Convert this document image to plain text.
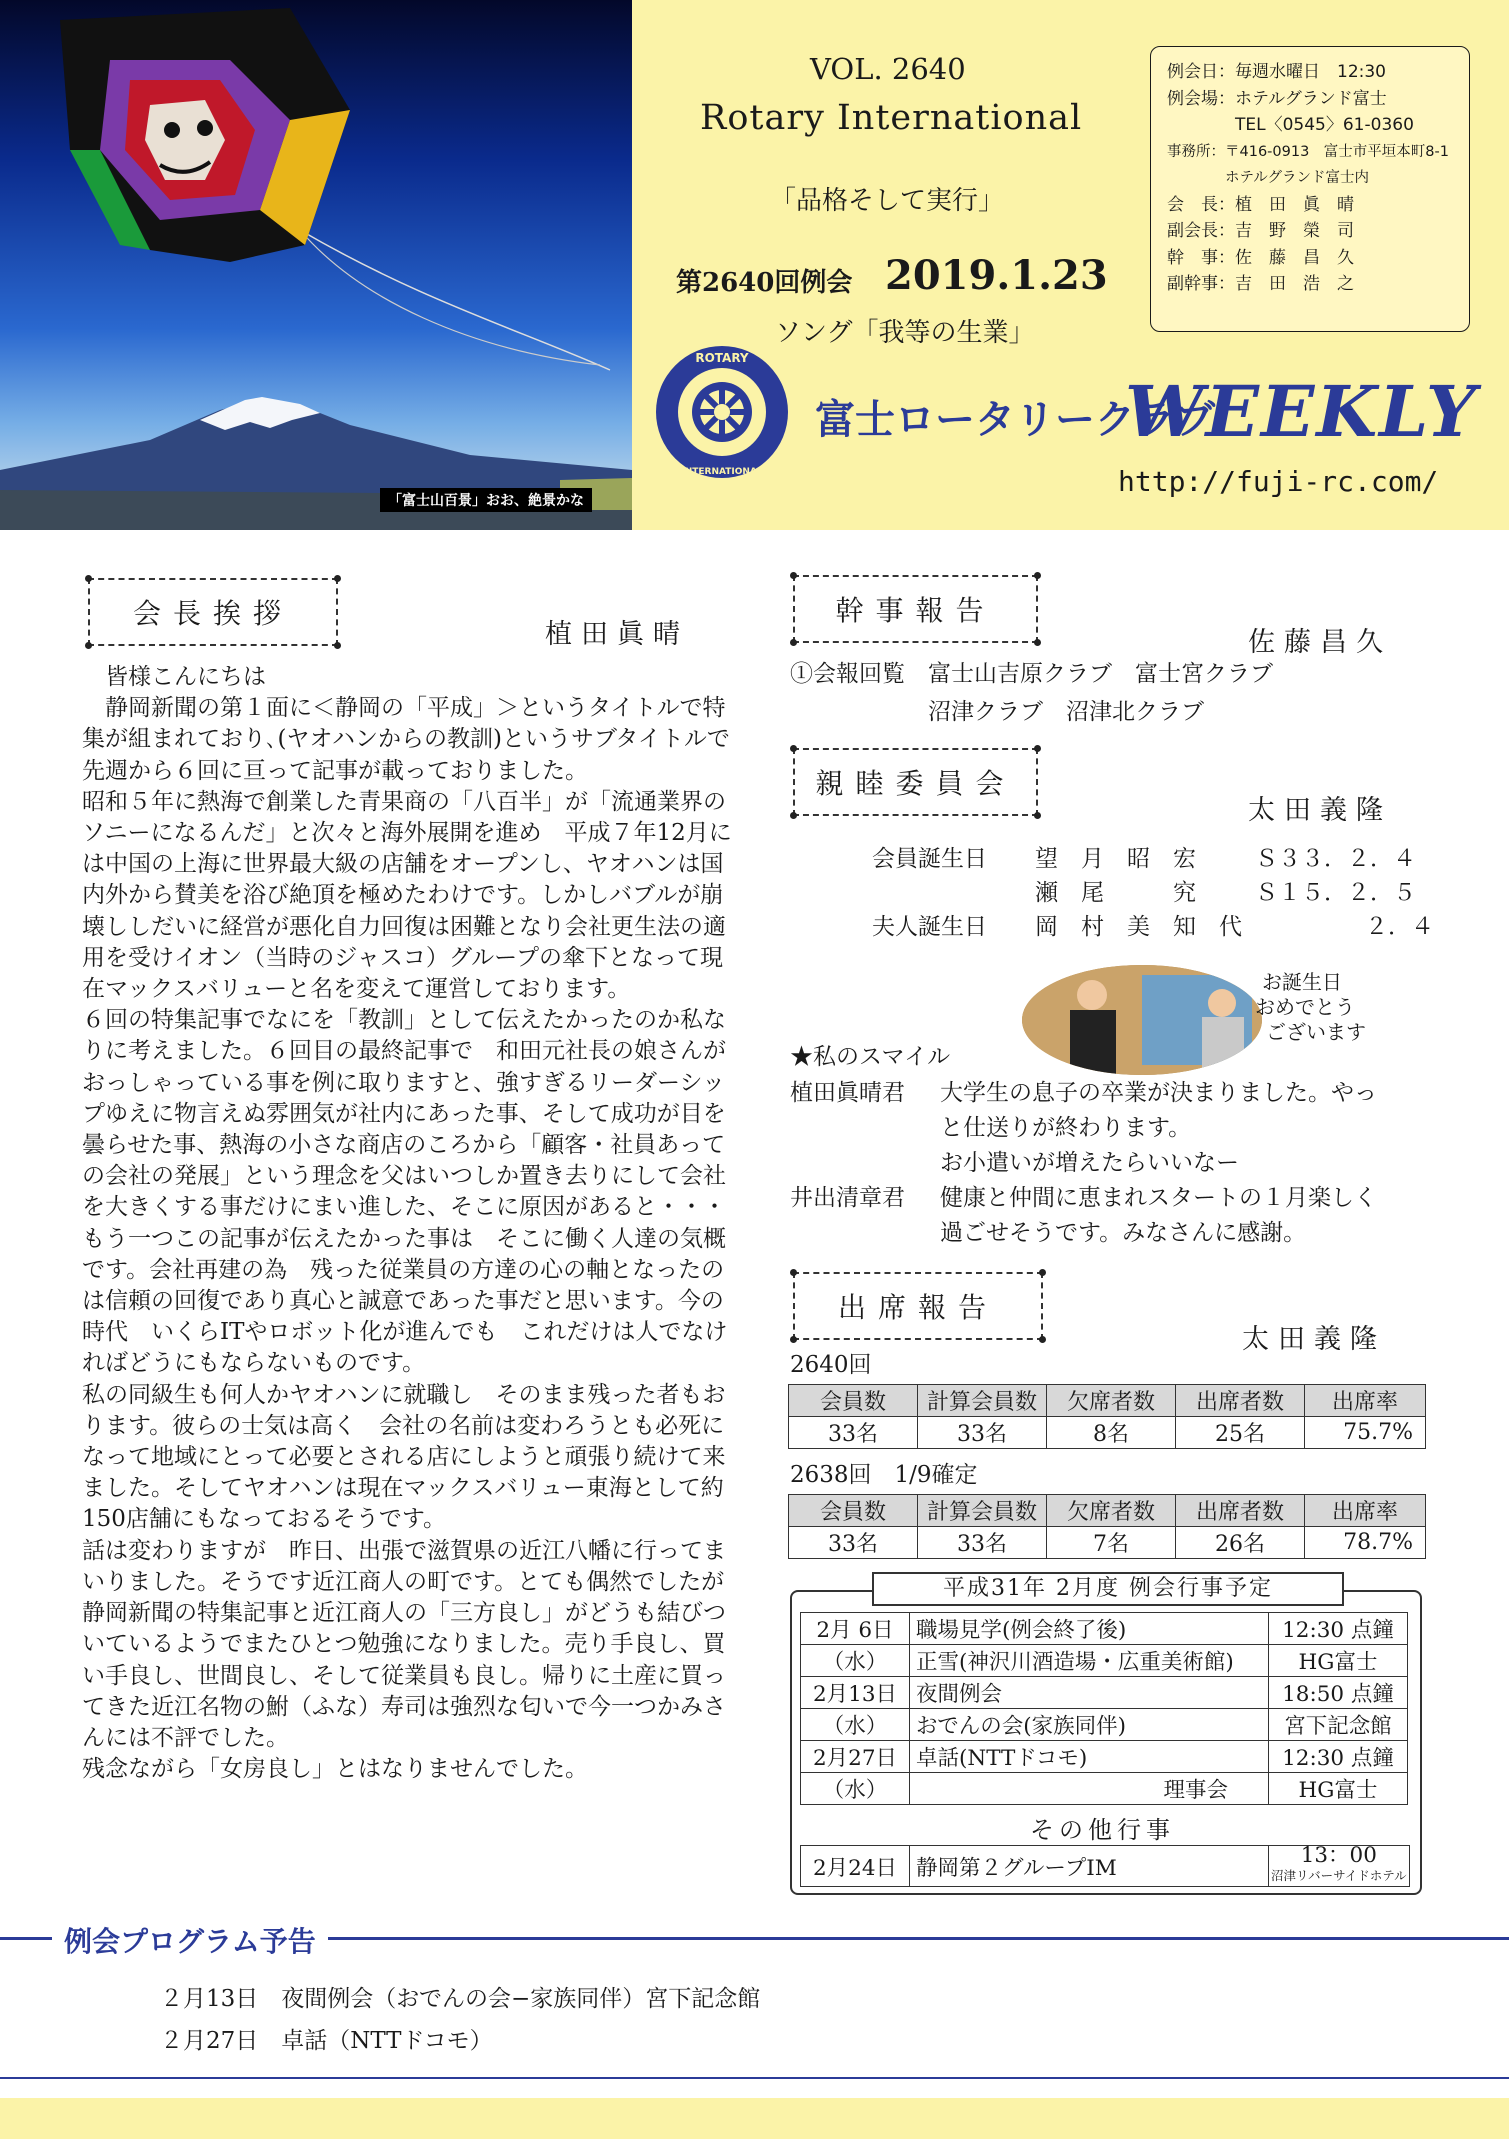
「富士山百景」おお、絶景かな
VOL. 2640
Rotary International
「品格そして実行」
第2640回例会 2019.1.23
ソング「我等の生業」
例会日：毎週水曜日　12:30
例会場：ホテルグランド富士
　　　　TEL〈0545〉61-0360
事務所：〒416-0913　富士市平垣本町8-1
　　　　ホテルグランド富士内
会　長：植　田　眞　晴
副会長：吉　野　榮　司
幹　事：佐　藤　昌　久
副幹事：吉　田　浩　之
ROTARY
INTERNATIONAL
富士ロータリークラブ
WEEKLY
http://fuji-rc.com/
会長挨拶
植田眞晴

　皆様こんにちは

　静岡新聞の第１面に＜静岡の「平成」＞というタイトルで特集が組まれており､(ヤオハンからの教訓)というサブタイトルで先週から６回に亘って記事が載っておりました。

昭和５年に熱海で創業した青果商の「八百半」が「流通業界のソニーになるんだ」と次々と海外展開を進め　平成７年12月には中国の上海に世界最大級の店舗をオープンし、ヤオハンは国内外から賛美を浴び絶頂を極めたわけです。しかしバブルが崩壊ししだいに経営が悪化自力回復は困難となり会社更生法の適用を受けイオン（当時のジャスコ）グループの傘下となって現在マックスバリューと名を変えて運営しております。

６回の特集記事でなにを「教訓」として伝えたかったのか私なりに考えました。６回目の最終記事で　和田元社長の娘さんがおっしゃっている事を例に取りますと、強すぎるリーダーシップゆえに物言えぬ雰囲気が社内にあった事、そして成功が目を曇らせた事、熱海の小さな商店のころから「顧客・社員あっての会社の発展」という理念を父はいつしか置き去りにして会社を大きくする事だけにまい進した、そこに原因があると・・・

もう一つこの記事が伝えたかった事は　そこに働く人達の気概です。会社再建の為　残った従業員の方達の心の軸となったのは信頼の回復であり真心と誠意であった事だと思います。今の時代　いくらITやロボット化が進んでも　これだけは人でなければどうにもならないものです。

私の同級生も何人かヤオハンに就職し　そのまま残った者もおります。彼らの士気は高く　会社の名前は変わろうとも必死になって地域にとって必要とされる店にしようと頑張り続けて来ました。そしてヤオハンは現在マックスバリュー東海として約150店舗にもなっておるそうです。

話は変わりますが　昨日、出張で滋賀県の近江八幡に行ってまいりました。そうです近江商人の町です。とても偶然でしたが　静岡新聞の特集記事と近江商人の「三方良し」がどうも結びついているようでまたひとつ勉強になりました。売り手良し、買い手良し、世間良し、そして従業員も良し。帰りに土産に買ってきた近江名物の鮒（ふな）寿司は強烈な匂いで今一つかみさんには不評でした。

残念ながら「女房良し」とはなりませんでした。

幹事報告
佐藤昌久
①会報回覧　富士山吉原クラブ　富士宮クラブ
　　　　　　沼津クラブ　沼津北クラブ
親睦委員会
太田義隆
会員誕生日 望　月　昭　宏	Ｓ３３．２．４
瀬　尾　　　究	Ｓ１５．２．５
夫人誕生日 岡　村　美　知　代	２．４
お誕生日
おめでとう
ございます
★私のスマイル
植田眞晴君 大学生の息子の卒業が決まりました。やっ
と仕送りが終わります。
お小遣いが増えたらいいなー
井出清章君 健康と仲間に恵まれスタートの１月楽しく
過ごせそうです。みなさんに感謝。
出席報告
太田義隆
2640回
会員数	計算会員数	欠席者数	出席者数	出席率
33名	33名	8名	25名	75.7%
2638回　1/9確定
会員数	計算会員数	欠席者数	出席者数	出席率
33名	33名	7名	26名	78.7%
平成31年 2月度 例会行事予定
2月 6日	職場見学(例会終了後)	12:30 点鐘
（水）	正雪(神沢川酒造場・広重美術館)	HG富士
2月13日	夜間例会	18:50 点鐘
（水）	おでんの会(家族同伴)	宮下記念館
2月27日	卓話(NTTドコモ)	12:30 点鐘
（水）	理事会	HG富士
その他行事
2月24日	静岡第２グループIM	13：00
沼津リバーサイドホテル
例会プログラム予告
２月13日　夜間例会（おでんの会−家族同伴）宮下記念館
２月27日　卓話（NTTドコモ）
